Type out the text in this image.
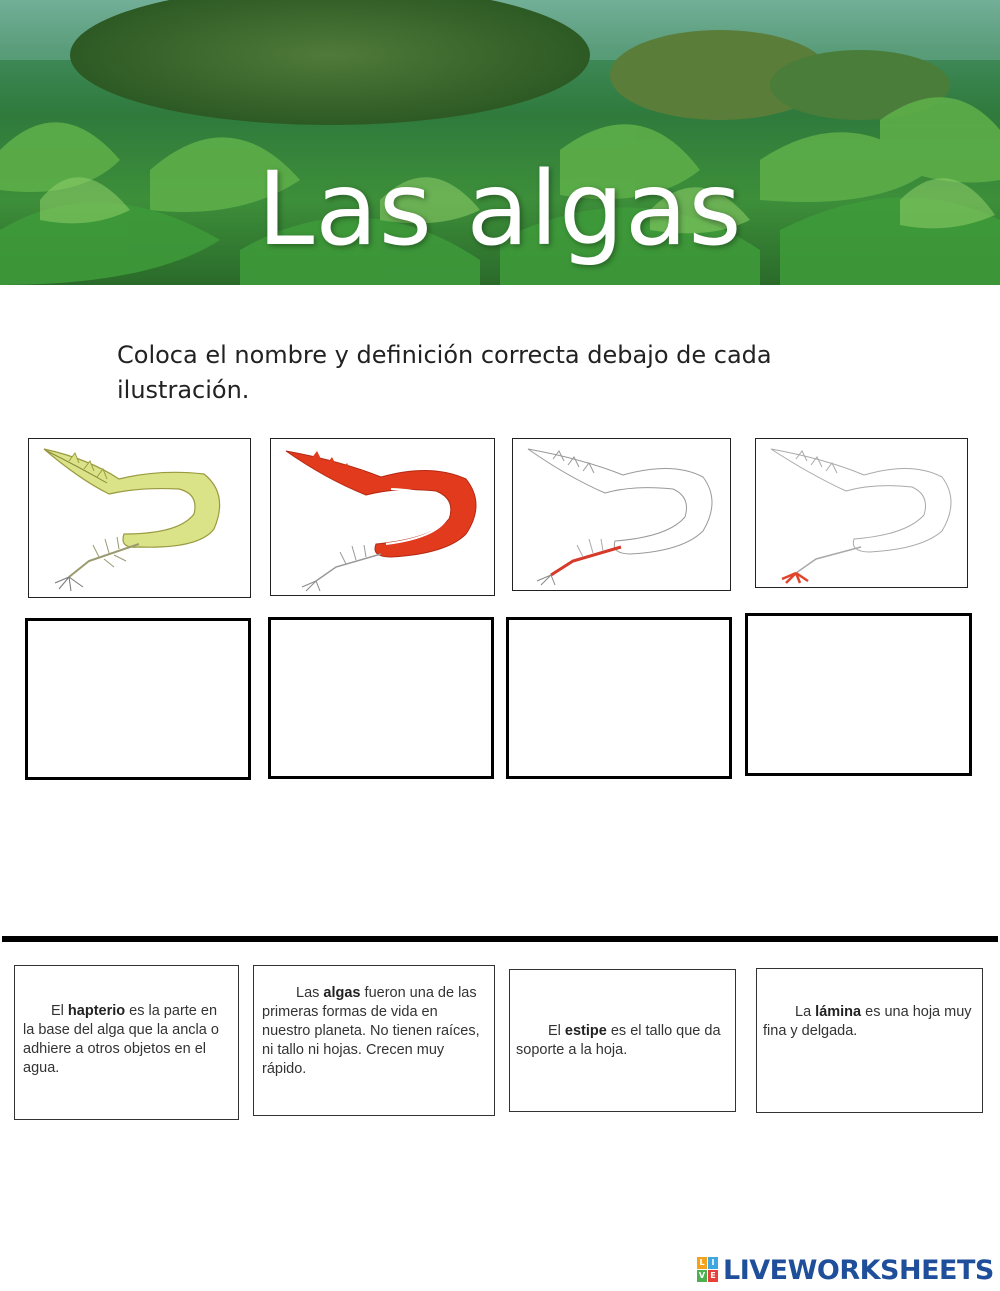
Las algas
Coloca el nombre y definición correcta debajo de cada ilustración.
El hapterio es la parte en la base del alga que la ancla o adhiere a otros objetos en el agua.
Las algas fueron una de las primeras formas de vida en nuestro planeta. No tienen raíces, ni tallo ni hojas. Crecen muy rápido.
El estipe es el tallo que da soporte a la hoja.
La lámina es una hoja muy fina y delgada.
L I
V E LIVEWORKSHEETS
